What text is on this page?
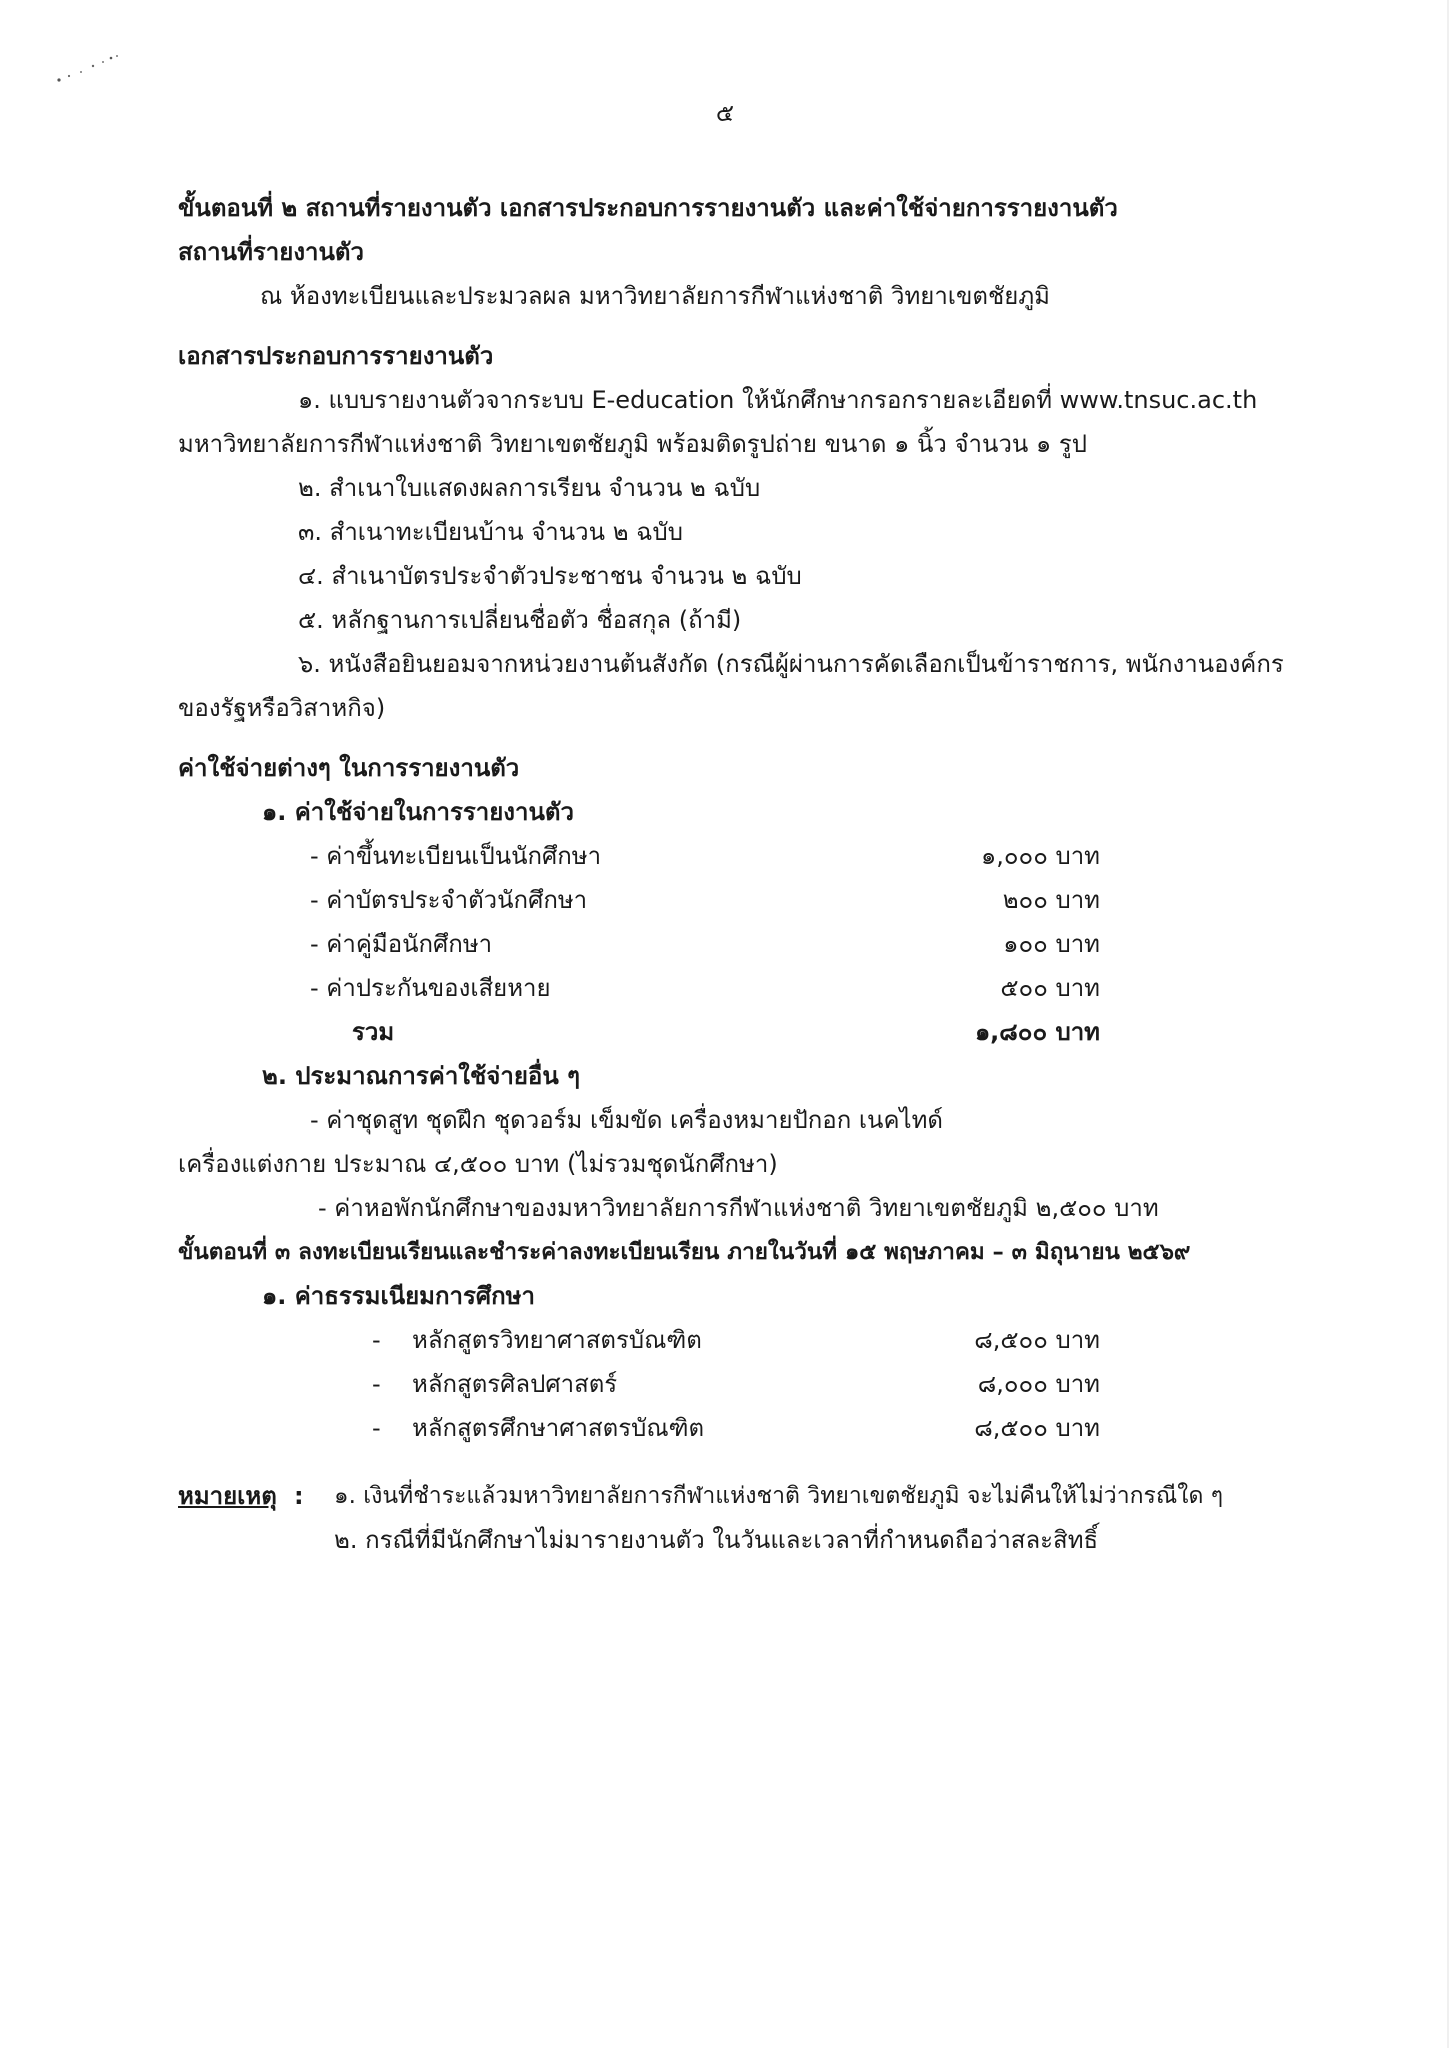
๕
ขั้นตอนที่ ๒ สถานที่รายงานตัว เอกสารประกอบการรายงานตัว และค่าใช้จ่ายการรายงานตัว
สถานที่รายงานตัว
ณ ห้องทะเบียนและประมวลผล มหาวิทยาลัยการกีฬาแห่งชาติ วิทยาเขตชัยภูมิ
เอกสารประกอบการรายงานตัว
๑. แบบรายงานตัวจากระบบ E-education ให้นักศึกษากรอกรายละเอียดที่ www.tnsuc.ac.th
มหาวิทยาลัยการกีฬาแห่งชาติ วิทยาเขตชัยภูมิ พร้อมติดรูปถ่าย ขนาด ๑ นิ้ว จำนวน ๑ รูป
๒. สำเนาใบแสดงผลการเรียน จำนวน ๒ ฉบับ
๓. สำเนาทะเบียนบ้าน จำนวน ๒ ฉบับ
๔. สำเนาบัตรประจำตัวประชาชน จำนวน ๒ ฉบับ
๕. หลักฐานการเปลี่ยนชื่อตัว ชื่อสกุล (ถ้ามี)
๖. หนังสือยินยอมจากหน่วยงานต้นสังกัด (กรณีผู้ผ่านการคัดเลือกเป็นข้าราชการ, พนักงานองค์กร
ของรัฐหรือวิสาหกิจ)
ค่าใช้จ่ายต่างๆ ในการรายงานตัว
๑. ค่าใช้จ่ายในการรายงานตัว
- ค่าขึ้นทะเบียนเป็นนักศึกษา	๑,๐๐๐ บาท
- ค่าบัตรประจำตัวนักศึกษา	๒๐๐ บาท
- ค่าคู่มือนักศึกษา	๑๐๐ บาท
- ค่าประกันของเสียหาย	๕๐๐ บาท
รวม	๑,๘๐๐ บาท
๒. ประมาณการค่าใช้จ่ายอื่น ๆ
- ค่าชุดสูท ชุดฝึก ชุดวอร์ม เข็มขัด เครื่องหมายปักอก เนคไทด์
เครื่องแต่งกาย ประมาณ ๔,๕๐๐ บาท (ไม่รวมชุดนักศึกษา)
- ค่าหอพักนักศึกษาของมหาวิทยาลัยการกีฬาแห่งชาติ วิทยาเขตชัยภูมิ ๒,๕๐๐ บาท
ขั้นตอนที่ ๓ ลงทะเบียนเรียนและชำระค่าลงทะเบียนเรียน ภายในวันที่ ๑๕ พฤษภาคม – ๓ มิถุนายน ๒๕๖๙
๑. ค่าธรรมเนียมการศึกษา
- หลักสูตรวิทยาศาสตรบัณฑิต	๘,๕๐๐ บาท
- หลักสูตรศิลปศาสตร์	๘,๐๐๐ บาท
- หลักสูตรศึกษาศาสตรบัณฑิต	๘,๕๐๐ บาท
หมายเหตุ : ๑. เงินที่ชำระแล้วมหาวิทยาลัยการกีฬาแห่งชาติ วิทยาเขตชัยภูมิ จะไม่คืนให้ไม่ว่ากรณีใด ๆ
๒. กรณีที่มีนักศึกษาไม่มารายงานตัว ในวันและเวลาที่กำหนดถือว่าสละสิทธิ์
